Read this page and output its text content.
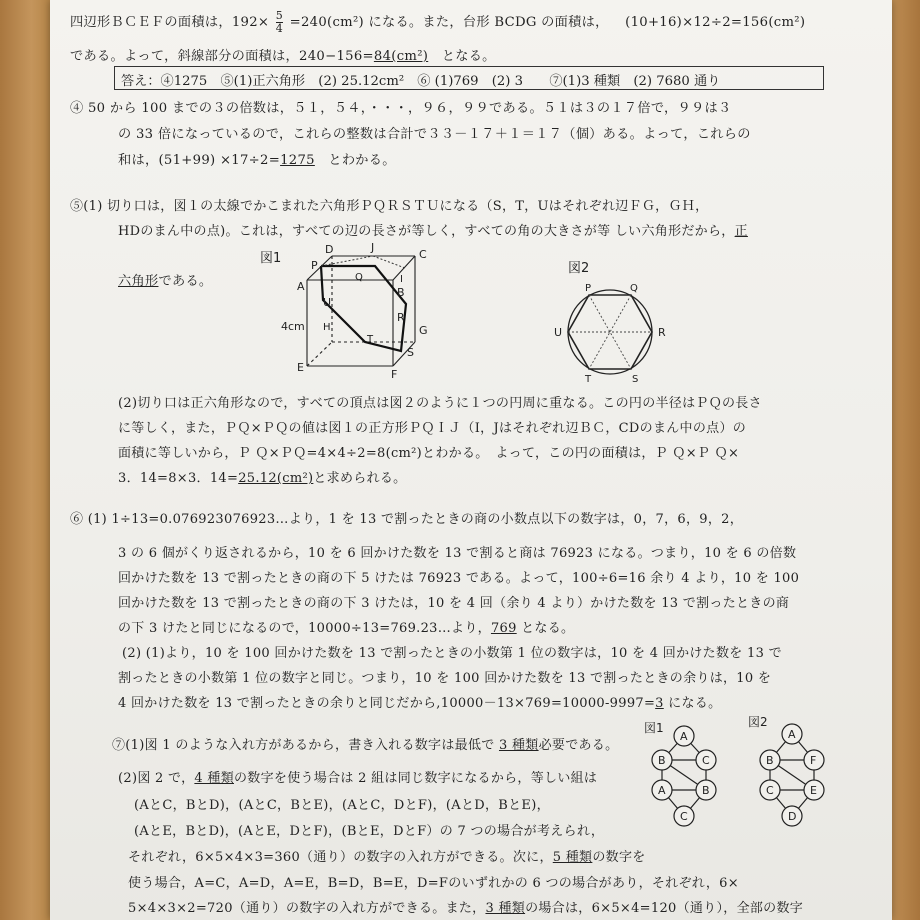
四辺形ＢＣＥＦの面積は，$192\times \frac{5}{4} =240(cm^2)$ になる。また，台形 BCDG の面積は， (10+16)×12÷2=156(cm²)
である。よって，斜線部分の面積は，240−156=84(cm²)　となる。
答え：④1275　⑤(1)正六角形　(2) 25.12cm²　⑥ (1)769　(2) 3　　⑦(1)3 種類　(2) 7680 通り
④ 50 から 100 までの３の倍数は，５１，５４，・・・，９６，９９である。５１は３の１７倍で，９９は３
の 33 倍になっているので，これらの整数は合計で３３－１７＋１＝１７（個）ある。よって，これらの
和は，(51+99) ×17÷2=1275　とわかる。
⑤(1) 切り口は，図１の太線でかこまれた六角形ＰＱＲＳＴＵになる（S，T，Uはそれぞれ辺ＦＧ，ＧＨ，
HDのまん中の点)。これは，すべての辺の長さが等しく，すべての角の大きさが等 しい六角形だから，正
六角形である。
図1
D	J
C
P
Q
A
I
B
U
H
R
T
G
E
F
S
4cm
図2
P	Q
U	R
T	S
(2)切り口は正六角形なので，すべての頂点は図２のように１つの円周に重なる。この円の半径はＰＱの長さ
に等しく，また，ＰＱ×ＰＱの値は図１の正方形ＰＱＩＪ（I，Jはそれぞれ辺ＢＣ，CDのまん中の点）の
面積に等しいから，Ｐ Ｑ×ＰＱ=4×4÷2=8(cm²)とわかる。　よって，この円の面積は，Ｐ Ｑ×Ｐ Ｑ×
3．14=8×3．14=25.12(cm²)と求められる。
⑥ (1) 1÷13=0.076923076923…より，1 を 13 で割ったときの商の小数点以下の数字は，0，7，6，9，2，
3 の 6 個がくり返されるから，10 を 6 回かけた数を 13 で割ると商は 76923 になる。つまり，10 を 6 の倍数
回かけた数を 13 で割ったときの商の下 5 けたは 76923 である。よって，100÷6=16 余り 4 より，10 を 100
回かけた数を 13 で割ったときの商の下 3 けたは，10 を 4 回（余り 4 より）かけた数を 13 で割ったときの商
の下 3 けたと同じになるので，10000÷13=769.23…より，769 となる。
(2) (1)より，10 を 100 回かけた数を 13 で割ったときの小数第 1 位の数字は，10 を 4 回かけた数を 13 で
割ったときの小数第 1 位の数字と同じ。つまり，10 を 100 回かけた数を 13 で割ったときの余りは，10 を
4 回かけた数を 13 で割ったときの余りと同じだから,10000－13×769=10000-9997=3 になる。
⑦(1)図 1 のような入れ方があるから，書き入れる数字は最低で 3 種類必要である。
(2)図 2 で，4 種類の数字を使う場合は 2 組は同じ数字になるから，等しい組は
(AとC，BとD)，(AとC，BとE)，(AとC，DとF)，(AとD，BとE)，
(AとE，BとD)，(AとE，DとF)，(BとE，DとF）の 7 つの場合が考えられ，
それぞれ，6×5×4×3=360（通り）の数字の入れ方ができる。次に，5 種類の数字を
使う場合，A=C，A=D，A=E，B=D，B=E，D=Fのいずれかの 6 つの場合があり，それぞれ，6×
5×4×3×2=720（通り）の数字の入れ方ができる。また，3 種類の場合は，6×5×4=120（通り），全部の数字
図1
A
B	C
A	B
C
図2
A
B	F
C	E
D
